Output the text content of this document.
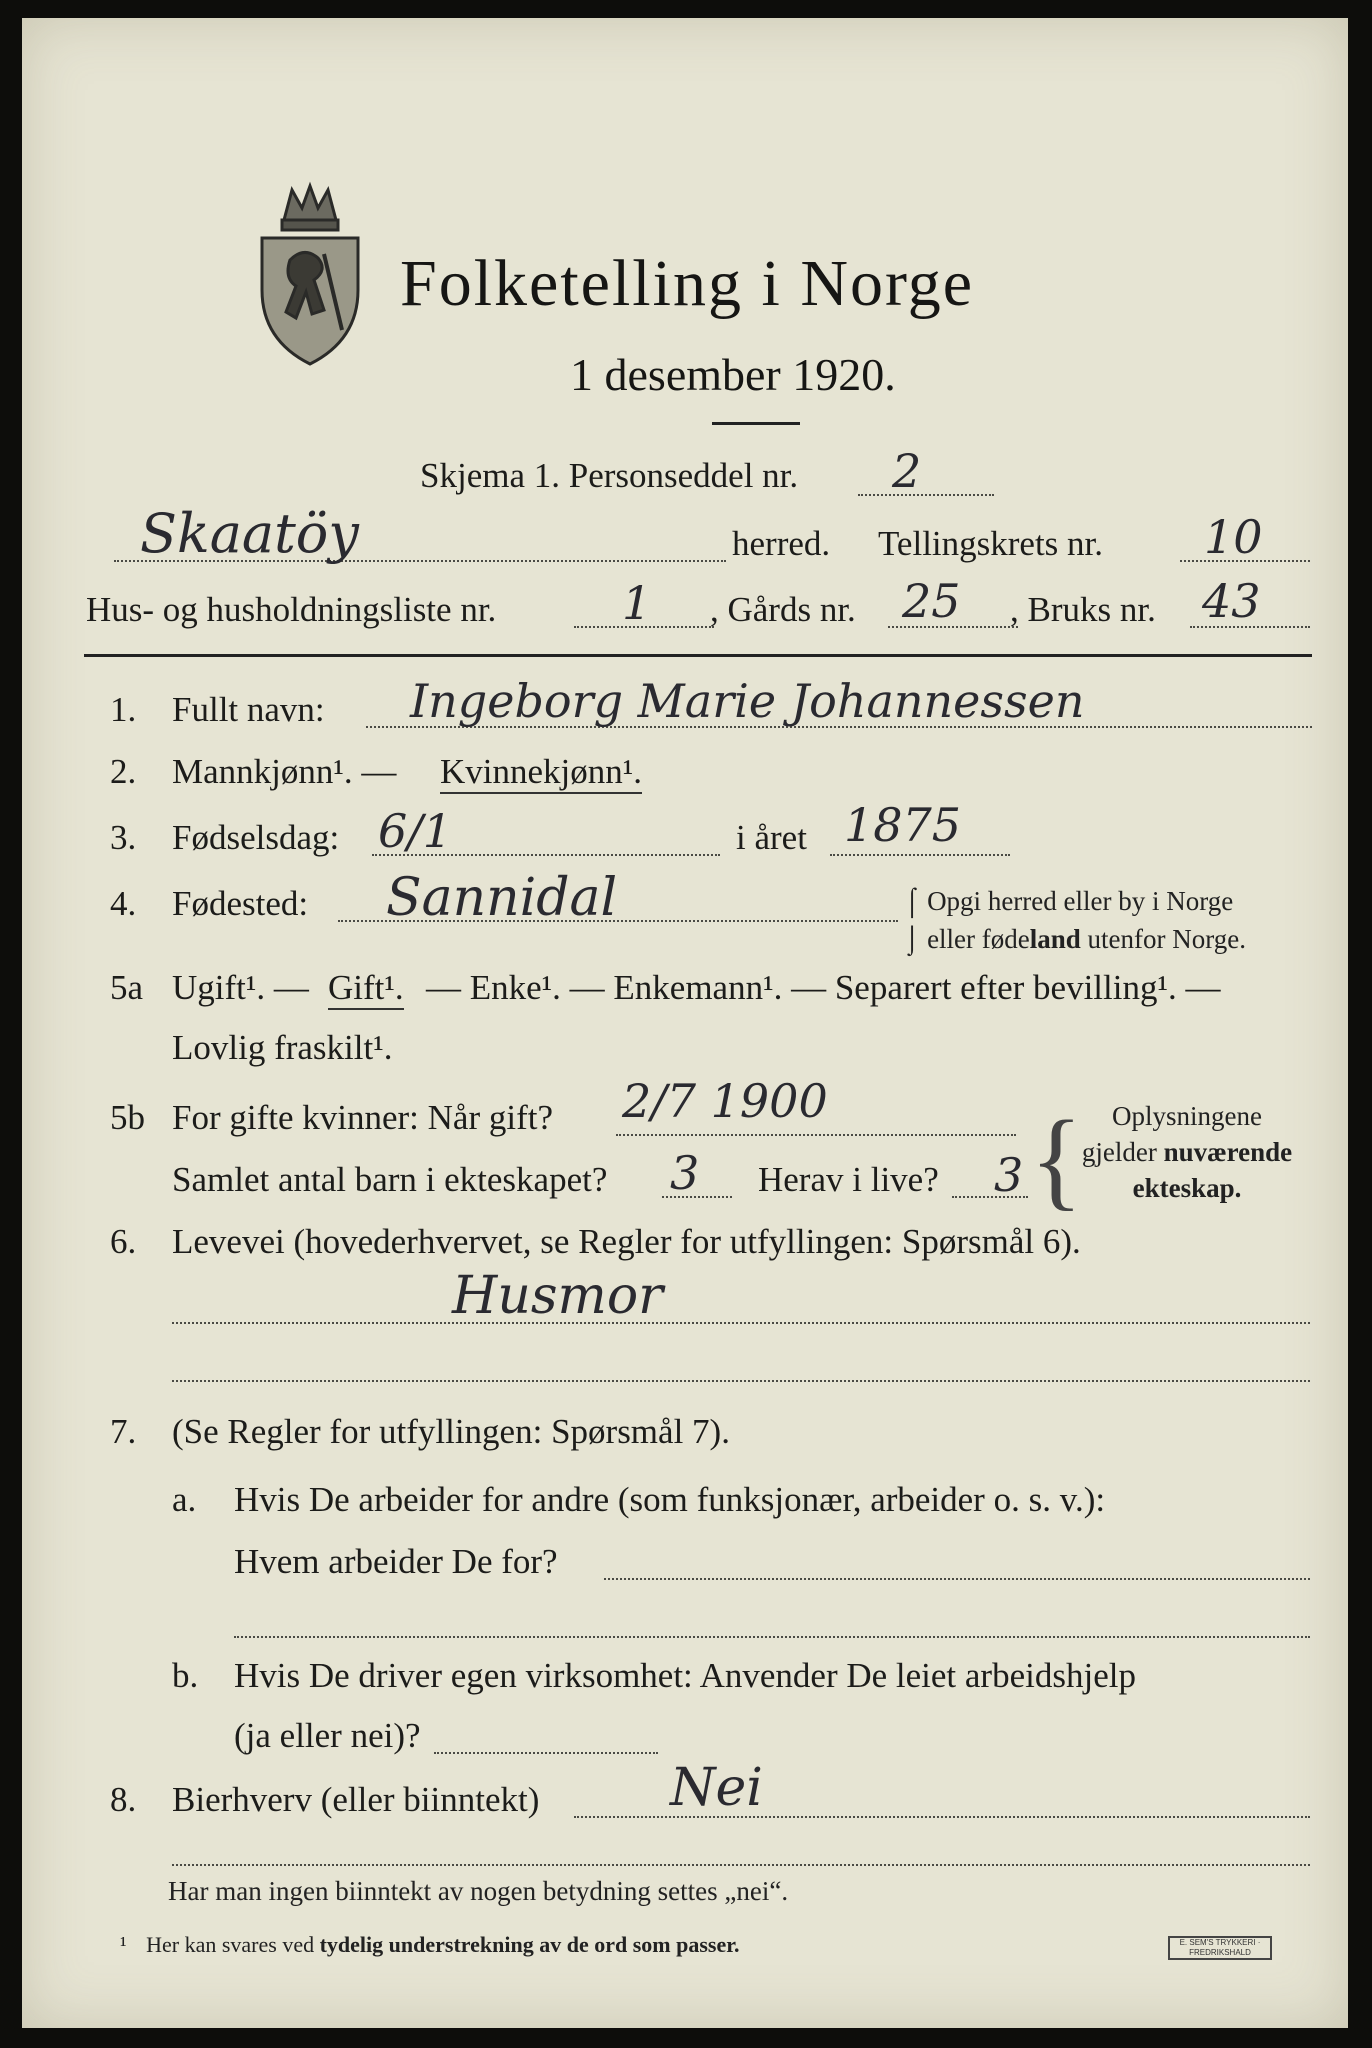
Folketelling i Norge
1 desember 1920.
Skjema 1. Personseddel nr. 2
Skaatöy	herred. Tellingskrets nr. 10
Hus- og husholdningsliste nr.	1 , Gårds nr. 25 , Bruks nr. 43
1. Fullt navn: Ingeborg Marie Johannessen
2. Mannkjønn¹. — Kvinnekjønn¹.
3. Fødselsdag: 6/1	i året 1875
4. Fødested: Sannidal	⌠ Opgi herred eller by i Norge
⌡ eller fødeland utenfor Norge.
5a Ugift¹. — Gift¹. — Enke¹. — Enkemann¹. — Separert efter bevilling¹. —
Lovlig fraskilt¹.
5b For gifte kvinner: Når gift? 2/7 1900
Samlet antal barn i ekteskapet? 3 Herav i live? 3 {	Oplysningene
gjelder nuværende
ekteskap.
6. Levevei (hovederhvervet, se Regler for utfyllingen: Spørsmål 6).
Husmor
7. (Se Regler for utfyllingen: Spørsmål 7).
a. Hvis De arbeider for andre (som funksjonær, arbeider o. s. v.):
Hvem arbeider De for?
b. Hvis De driver egen virksomhet: Anvender De leiet arbeidshjelp
(ja eller nei)?
8. Bierhverv (eller biinntekt)	Nei
Har man ingen biinntekt av nogen betydning settes „nei“.
¹ Her kan svares ved tydelig understrekning av de ord som passer.	E. SEM'S TRYKKERI · FREDRIKSHALD
